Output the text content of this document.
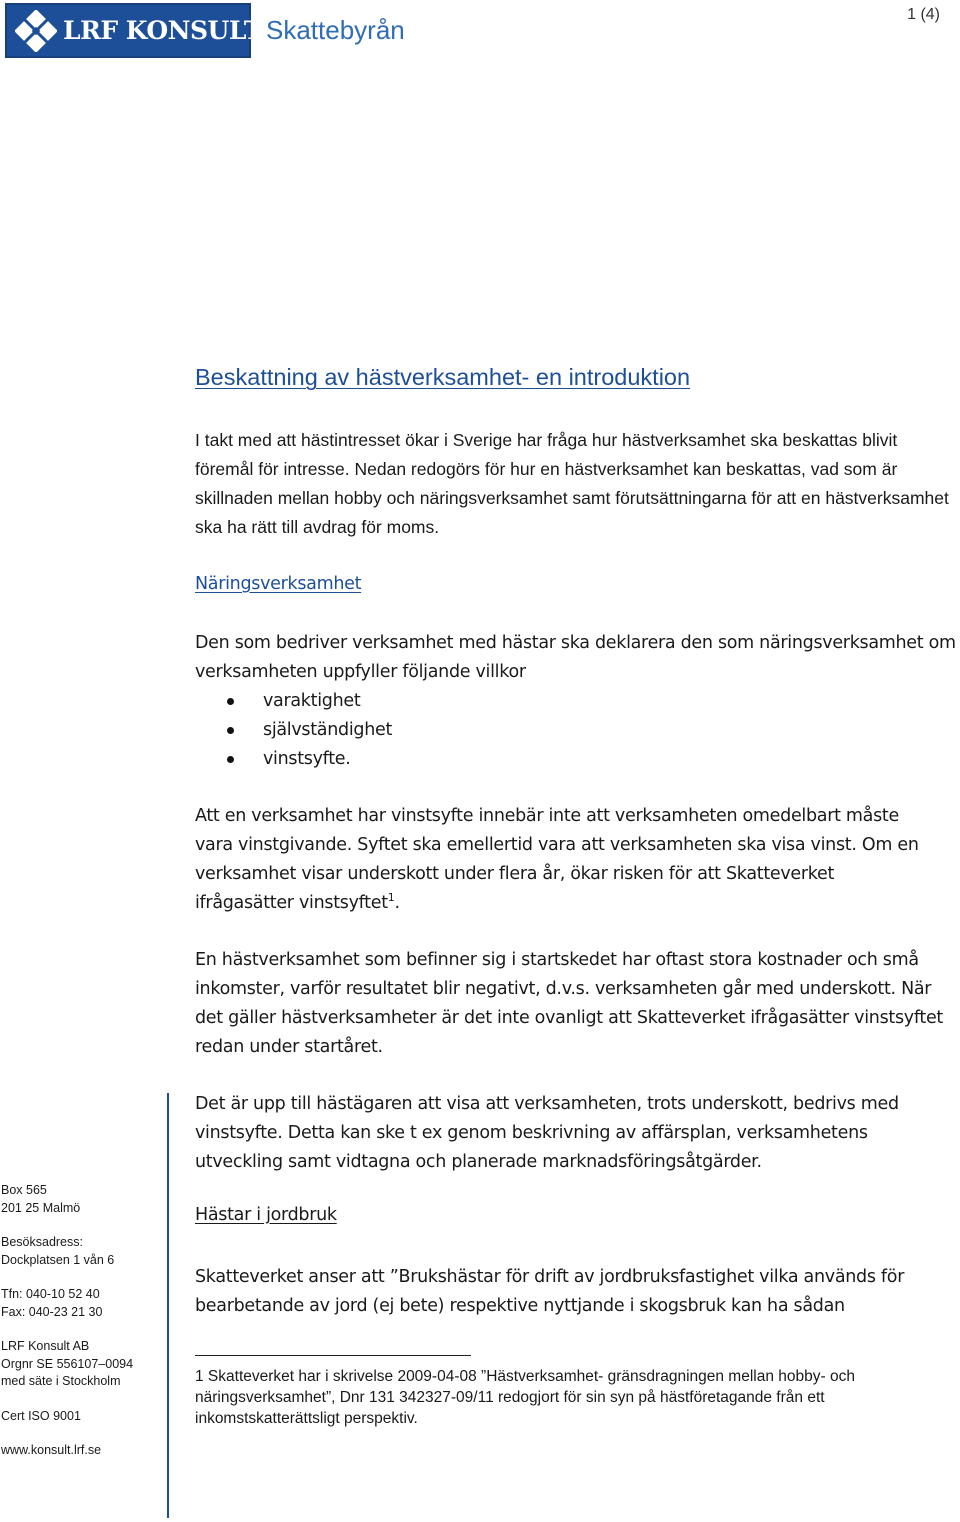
LRF KONSULT Skattebyrån
1 (4)
Beskattning av hästverksamhet- en introduktion
I takt med att hästintresset ökar i Sverige har fråga hur hästverksamhet ska beskattas blivit föremål för intresse. Nedan redogörs för hur en hästverksamhet kan beskattas, vad som är skillnaden mellan hobby och näringsverksamhet samt förutsättningarna för att en hästverksamhet ska ha rätt till avdrag för moms.
Näringsverksamhet
Den som bedriver verksamhet med hästar ska deklarera den som näringsverksamhet om verksamheten uppfyller följande villkor
varaktighet
självständighet
vinstsyfte.
Att en verksamhet har vinstsyfte innebär inte att verksamheten omedelbart måste vara vinstgivande. Syftet ska emellertid vara att verksamheten ska visa vinst. Om en verksamhet visar underskott under flera år, ökar risken för att Skatteverket ifrågasätter vinstsyftet$^1$.
En hästverksamhet som befinner sig i startskedet har oftast stora kostnader och små inkomster, varför resultatet blir negativt, d.v.s. verksamheten går med underskott. När det gäller hästverksamheter är det inte ovanligt att Skatteverket ifrågasätter vinstsyftet redan under startåret.
Det är upp till hästägaren att visa att verksamheten, trots underskott, bedrivs med vinstsyfte. Detta kan ske t ex genom beskrivning av affärsplan, verksamhetens utveckling samt vidtagna och planerade marknadsföringsåtgärder.
Hästar i jordbruk
Skatteverket anser att ”Brukshästar för drift av jordbruksfastighet vilka används för bearbetande av jord (ej bete) respektive nyttjande i skogsbruk kan ha sådan
1 Skatteverket har i skrivelse 2009-04-08 ”Hästverksamhet- gränsdragningen mellan hobby- och näringsverksamhet”, Dnr 131 342327-09/11 redogjort för sin syn på hästföretagande från ett inkomstskatterättsligt perspektiv.
Box 565
201 25 Malmö
Besöksadress:
Dockplatsen 1 vån 6
Tfn: 040-10 52 40
Fax: 040-23 21 30
LRF Konsult AB
Orgnr SE 556107–0094
med säte i Stockholm
Cert ISO 9001
www.konsult.lrf.se
